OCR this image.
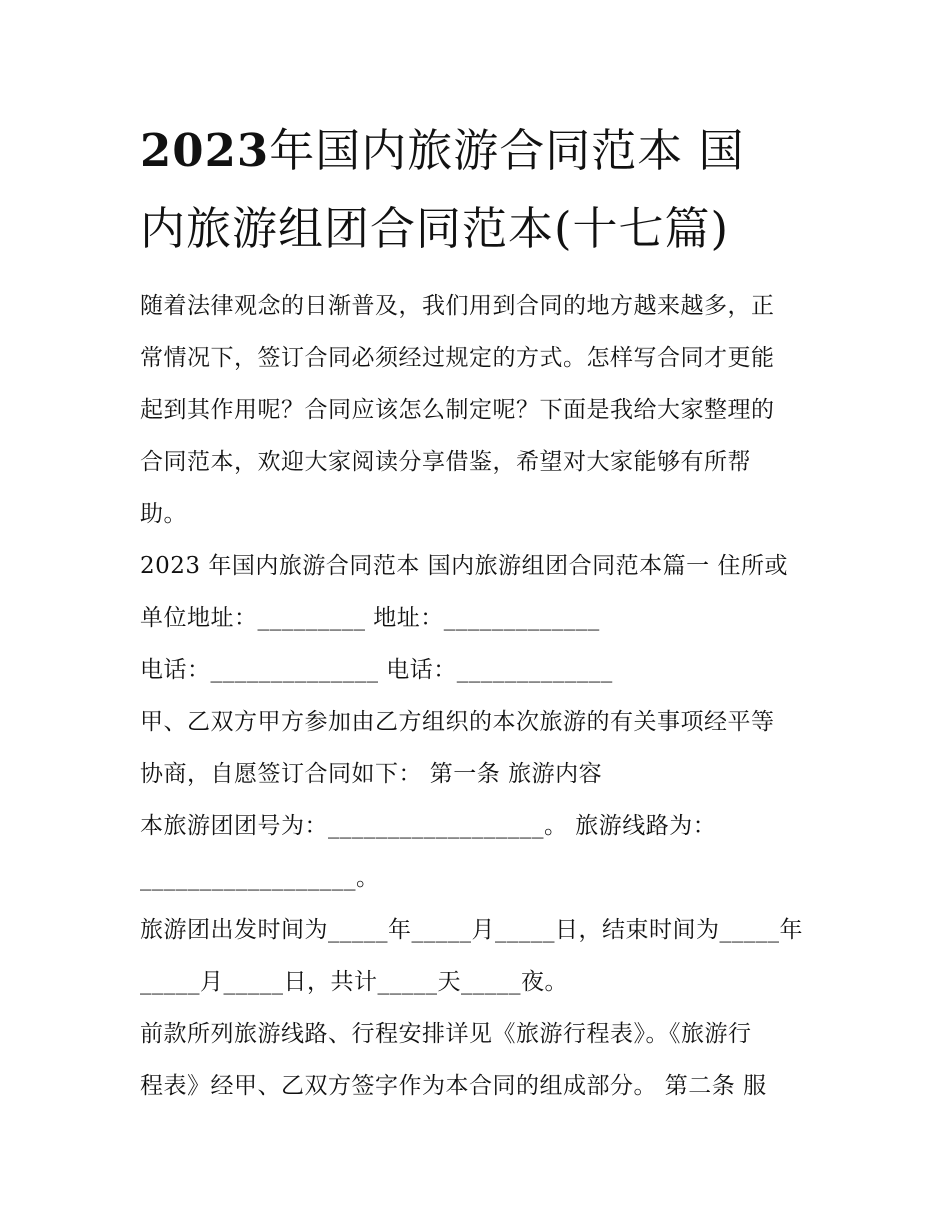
2023年国内旅游合同范本 国
内旅游组团合同范本(十七篇)

随着法律观念的日渐普及，我们用到合同的地方越来越多，正
常情况下，签订合同必须经过规定的方式。怎样写合同才更能
起到其作用呢？合同应该怎么制定呢？下面是我给大家整理的
合同范本，欢迎大家阅读分享借鉴，希望对大家能够有所帮
助。

2023 年国内旅游合同范本 国内旅游组团合同范本篇一 住所或

单位地址：_________ 地址：_____________

电话：______________ 电话：_____________

甲、乙双方甲方参加由乙方组织的本次旅游的有关事项经平等
协商，自愿签订合同如下： 第一条 旅游内容

本旅游团团号为：__________________。 旅游线路为：
__________________。

旅游团出发时间为_____年_____月_____日，结束时间为_____年
_____月_____日，共计_____天_____夜。

前款所列旅游线路、行程安排详见《旅游行程表》。《旅游行
程表》经甲、乙双方签字作为本合同的组成部分。 第二条 服
